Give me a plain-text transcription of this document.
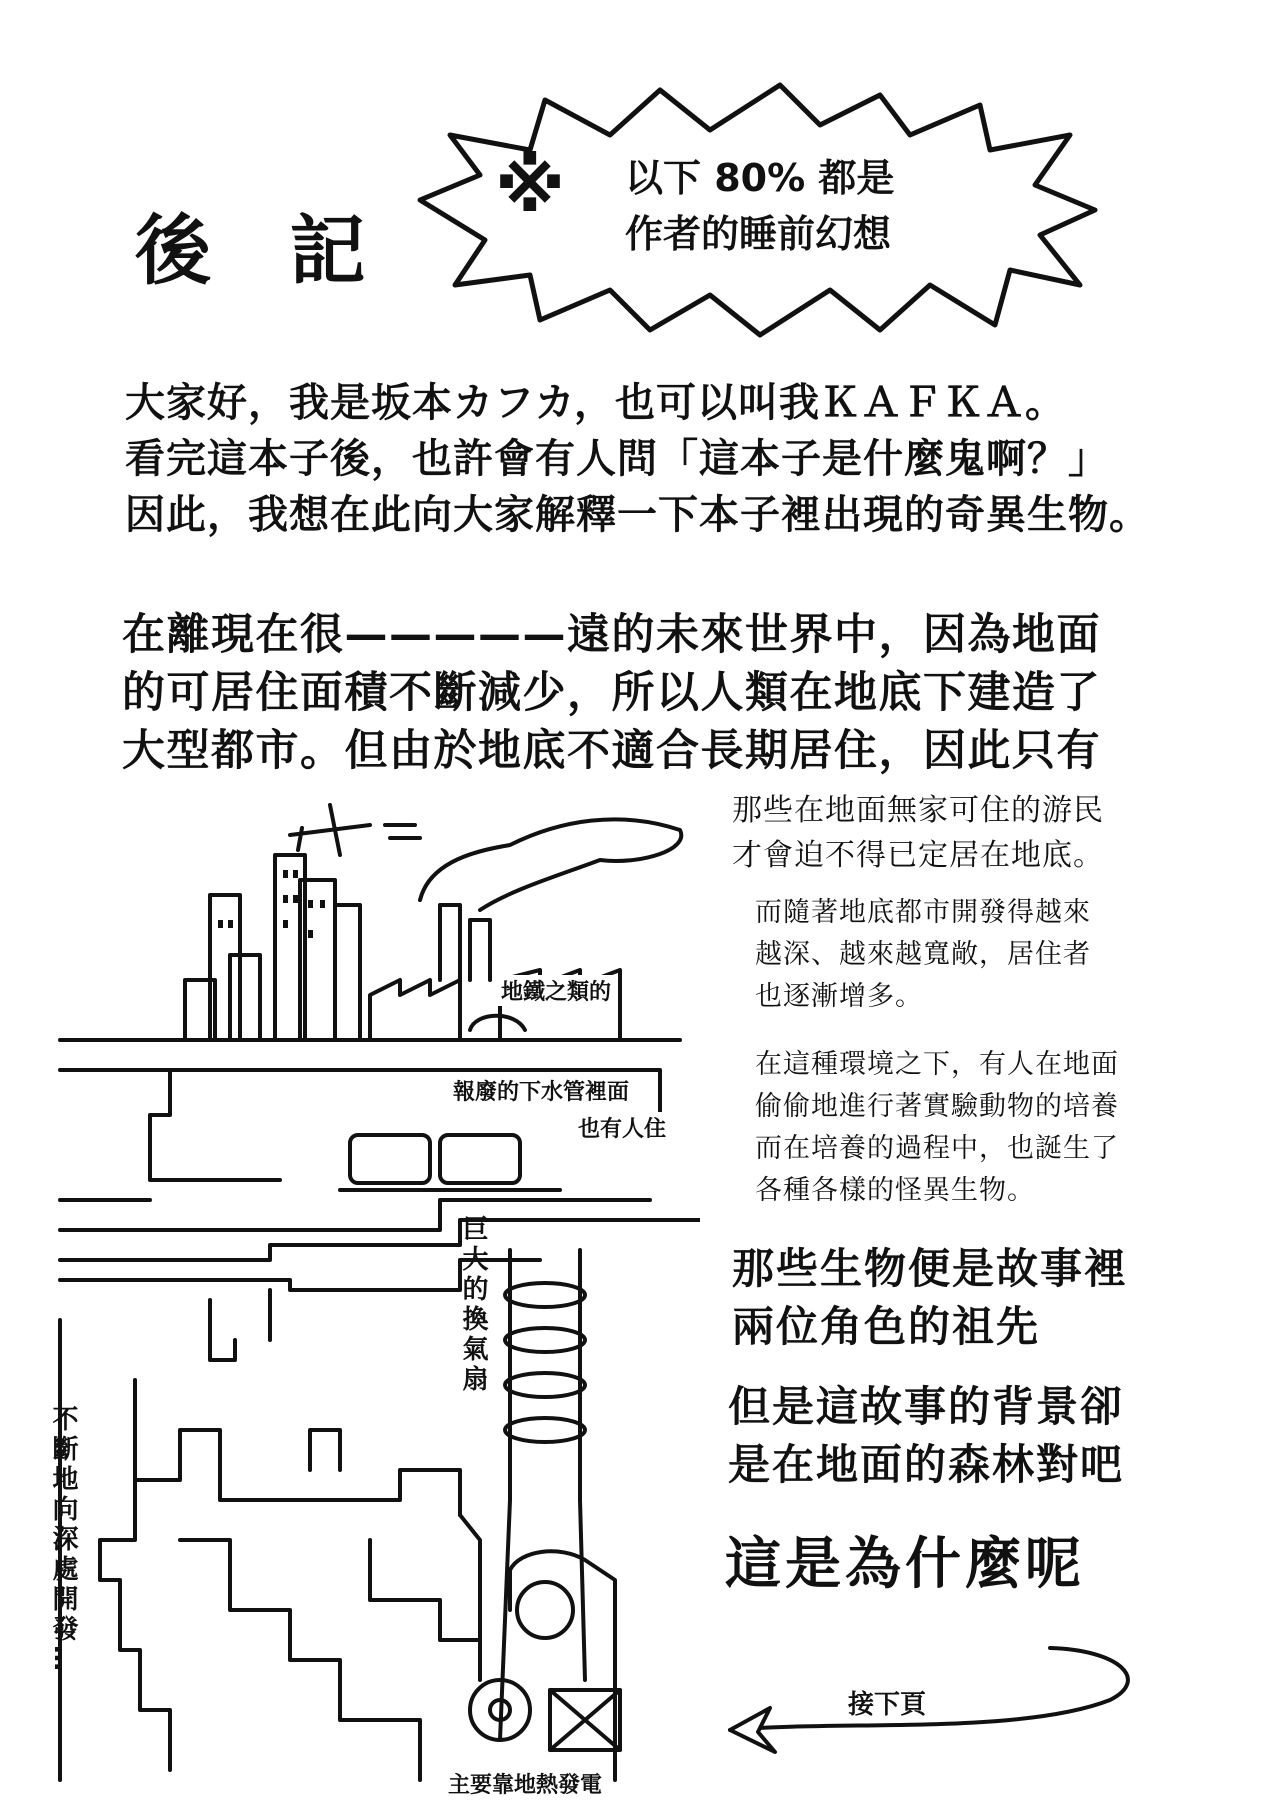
後 記
※ 以下 80% 都是
作者的睡前幻想
大家好，我是坂本カフカ，也可以叫我ＫＡＦＫＡ。
看完這本子後，也許會有人問「這本子是什麼鬼啊？」
因此，我想在此向大家解釋一下本子裡出現的奇異生物。
在離現在很—————遠的未來世界中，因為地面
的可居住面積不斷減少，所以人類在地底下建造了
大型都市。但由於地底不適合長期居住，因此只有
那些在地面無家可住的游民
才會迫不得已定居在地底。
而隨著地底都市開發得越來
越深、越來越寬敞，居住者
也逐漸增多。
在這種環境之下，有人在地面
偷偷地進行著實驗動物的培養
而在培養的過程中，也誕生了
各種各樣的怪異生物。
那些生物便是故事裡
兩位角色的祖先
但是這故事的背景卻
是在地面的森林對吧
這是為什麼呢
接下頁
地鐵之類的
報廢的下水管裡面
也有人住
巨大的換氣扇
不斷地向深處開發…
主要靠地熱發電
